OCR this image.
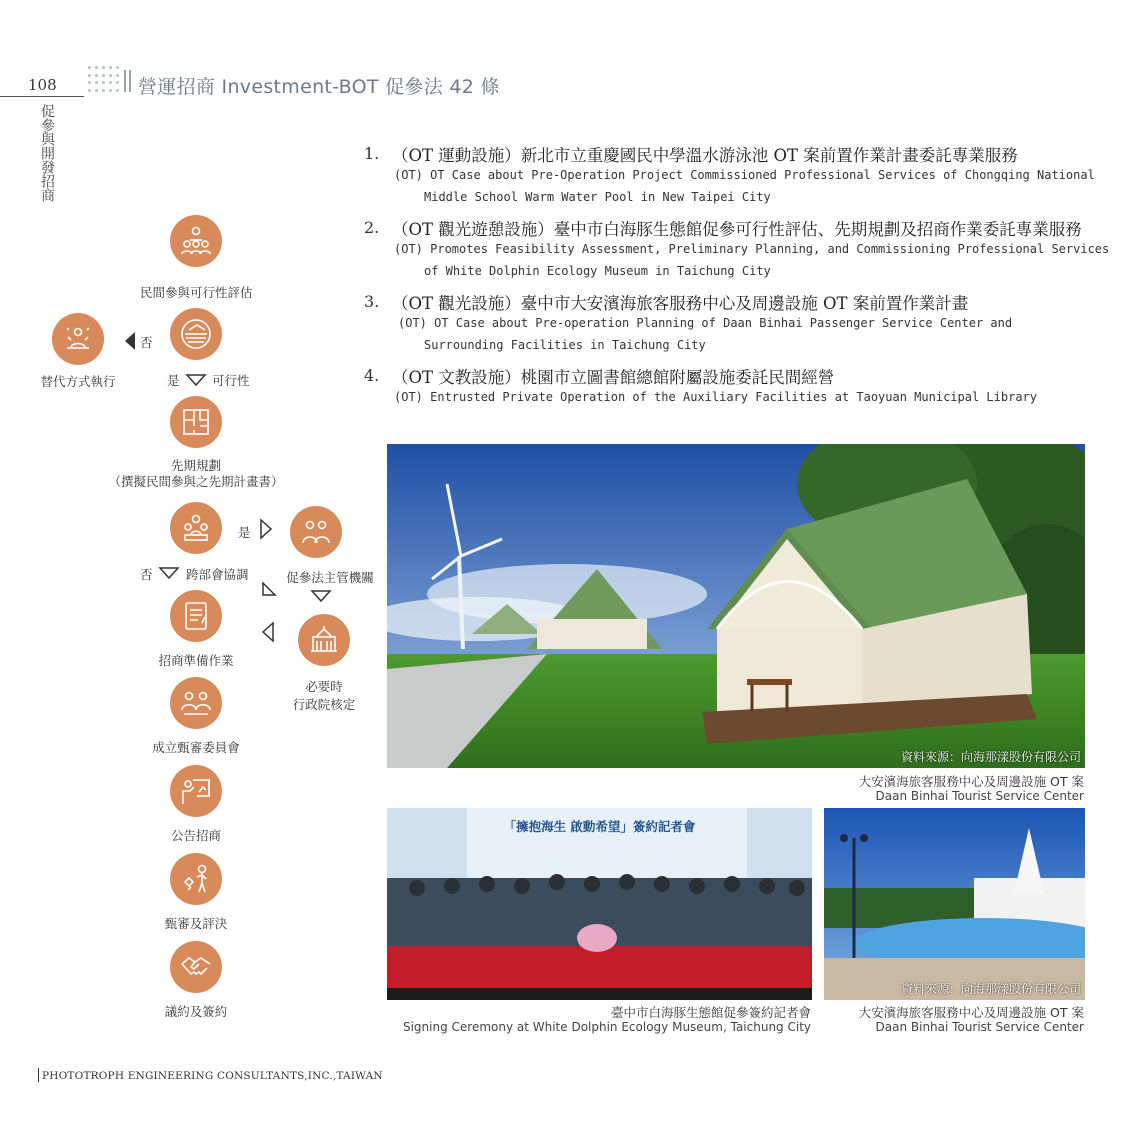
108	營運招商 Investment-BOT 促參法 42 條
促參與開發招商
民間參與可行性評估
替代方式執行
否
是	可行性
先期規劃
（撰擬民間參與之先期計畫書）
是
促參法主管機關
否	跨部會協調
招商準備作業
必要時
行政院核定
成立甄審委員會
公告招商
甄審及評決
議約及簽約
1. （OT 運動設施）新北市立重慶國民中學溫水游泳池 OT 案前置作業計畫委託專業服務
(OT) OT Case about Pre-Operation Project Commissioned Professional Services of Chongqing National
Middle School Warm Water Pool in New Taipei City
2. （OT 觀光遊憩設施）臺中市白海豚生態館促參可行性評估、先期規劃及招商作業委託專業服務
(OT) Promotes Feasibility Assessment, Preliminary Planning, and Commissioning Professional Services
of White Dolphin Ecology Museum in Taichung City
3. （OT 觀光設施）臺中市大安濱海旅客服務中心及周邊設施 OT 案前置作業計畫
(OT) OT Case about Pre-operation Planning of Daan Binhai Passenger Service Center and
Surrounding Facilities in Taichung City
4. （OT 文教設施）桃園市立圖書館總館附屬設施委託民間經營
(OT) Entrusted Private Operation of the Auxiliary Facilities at Taoyuan Municipal Library
資料來源：向海那漾股份有限公司
大安濱海旅客服務中心及周邊設施 OT 案
Daan Binhai Tourist Service Center
「擁抱海生 啟動希望」簽約記者會
臺中市白海豚生態館促參簽約記者會
Signing Ceremony at White Dolphin Ecology Museum, Taichung City
資料來源：向海那漾股份有限公司
大安濱海旅客服務中心及周邊設施 OT 案
Daan Binhai Tourist Service Center
PHOTOTROPH ENGINEERING CONSULTANTS,INC.,TAIWAN
